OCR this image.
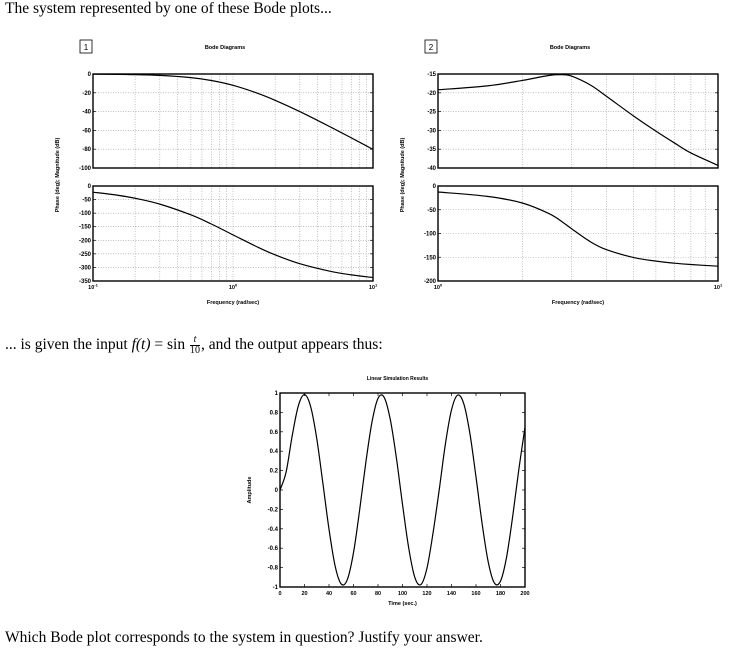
The system represented by one of these Bode plots...
... is given the input $f(t) = \sin \frac{t}{10}$ , and the output appears thus:
Which Bode plot corresponds to the system in question? Justify your answer.
1	Bode Diagrams
0
-20
-40
-60
-80
-100
0
-50
-100
-150
-200
-250
-300
-350
$10^{-1}$	$10^0$	$10^1$
Frequency (rad/sec)
Phase (deg); Magnitude (dB)
2	Bode Diagrams
-15
-20
-25
-30
-35
-40
0
-50
-100
-150
-200
$10^0$	$10^1$
Frequency (rad/sec)
Phase (deg); Magnitude (dB)
-1
-0.8
-0.6
-0.4
-0.2
0
0.2
0.4
0.6
0.8
1
0	20	40	60	80	100	120	140	160	180	200
Linear Simulation Results
Time (sec.)
Amplitude
